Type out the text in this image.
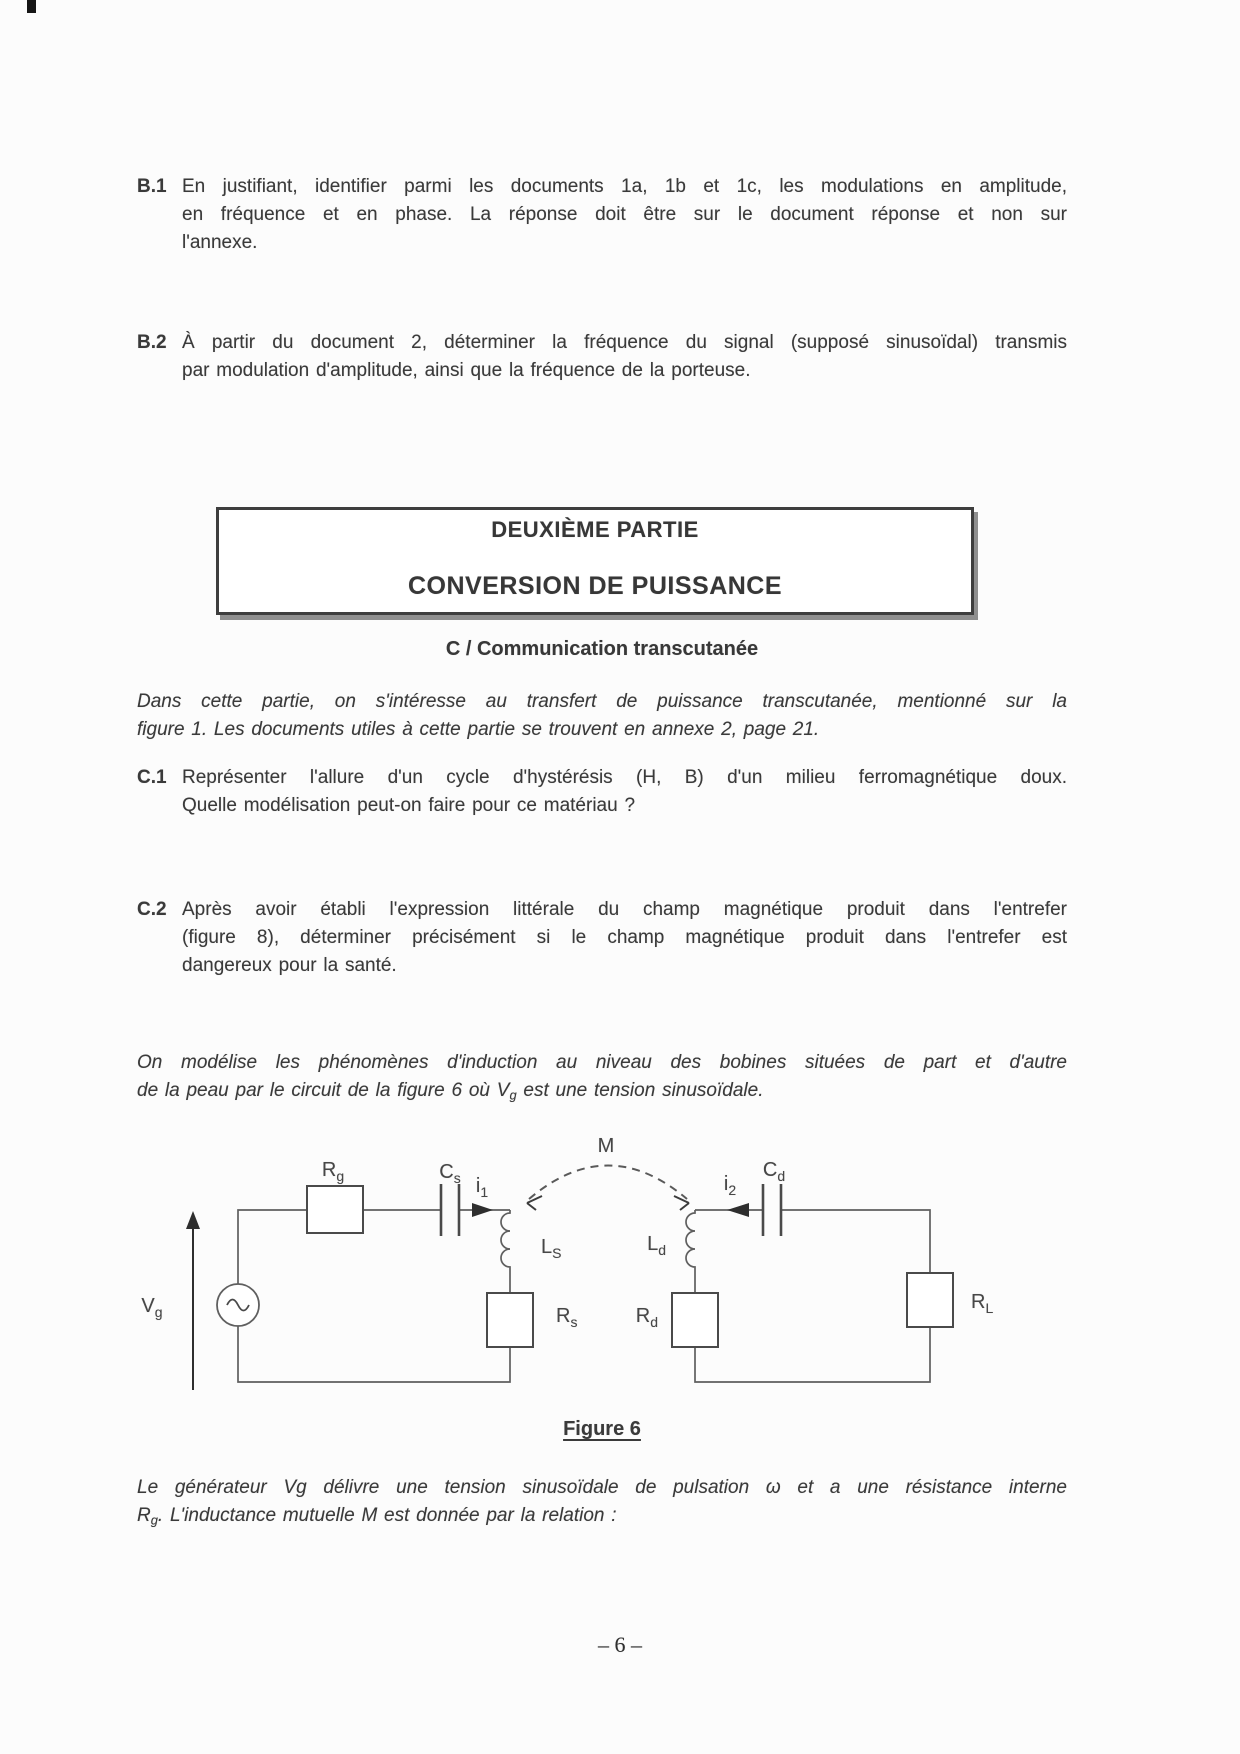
B.1 En justifiant, identifier parmi les documents 1a, 1b et 1c, les modulations en amplitude,
en fréquence et en phase. La réponse doit être sur le document réponse et non sur
l'annexe.
B.2 À partir du document 2, déterminer la fréquence du signal (supposé sinusoïdal) transmis
par modulation d'amplitude, ainsi que la fréquence de la porteuse.
DEUXIÈME PARTIE
CONVERSION DE PUISSANCE
C / Communication transcutanée
Dans cette partie, on s'intéresse au transfert de puissance transcutanée, mentionné sur la
figure 1. Les documents utiles à cette partie se trouvent en annexe 2, page 21.
C.1 Représenter l'allure d'un cycle d'hystérésis (H, B) d'un milieu ferromagnétique doux.
Quelle modélisation peut-on faire pour ce matériau ?
C.2 Après avoir établi l'expression littérale du champ magnétique produit dans l'entrefer
(figure 8), déterminer précisément si le champ magnétique produit dans l'entrefer est
dangereux pour la santé.
On modélise les phénomènes d'induction au niveau des bobines situées de part et d'autre
de la peau par le circuit de la figure 6 où $V_g$ est une tension sinusoïdale.
$V_g$
$R_g$	$C_s$ $i_1$
$L_S$
$R_s$
M
$i_2$
$C_d$
$L_d$
$R_d$
$R_L$
Figure 6
Le générateur Vg délivre une tension sinusoïdale de pulsation ω et a une résistance interne
$R_g$. L'inductance mutuelle M est donnée par la relation :
– 6 –
